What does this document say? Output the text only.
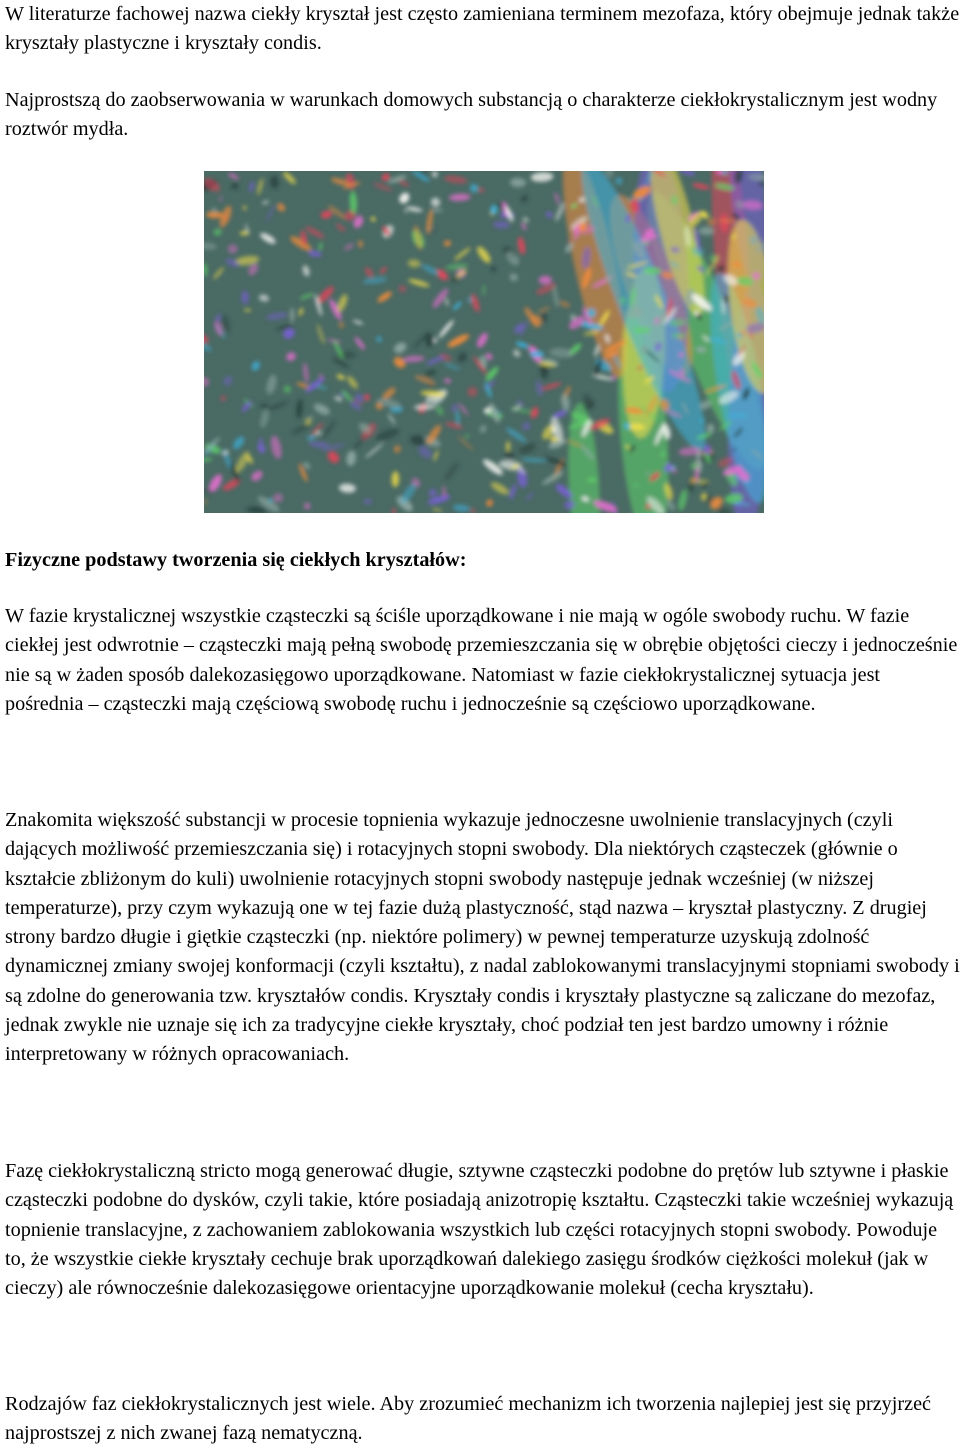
W literaturze fachowej nazwa ciekły kryształ jest często zamieniana terminem mezofaza, który obejmuje jednak także kryształy plastyczne i kryształy condis.

Najprostszą do zaobserwowania w warunkach domowych substancją o charakterze ciekłokrystalicznym jest wodny roztwór mydła.

Fizyczne podstawy tworzenia się ciekłych kryształów:

W fazie krystalicznej wszystkie cząsteczki są ściśle uporządkowane i nie mają w ogóle swobody ruchu. W fazie ciekłej jest odwrotnie – cząsteczki mają pełną swobodę przemieszczania się w obrębie objętości cieczy i jednocześnie nie są w żaden sposób dalekozasięgowo uporządkowane. Natomiast w fazie ciekłokrystalicznej sytuacja jest pośrednia – cząsteczki mają częściową swobodę ruchu i jednocześnie są częściowo uporządkowane.

Znakomita większość substancji w procesie topnienia wykazuje jednoczesne uwolnienie translacyjnych (czyli dających możliwość przemieszczania się) i rotacyjnych stopni swobody. Dla niektórych cząsteczek (głównie o kształcie zbliżonym do kuli) uwolnienie rotacyjnych stopni swobody następuje jednak wcześniej (w niższej temperaturze), przy czym wykazują one w tej fazie dużą plastyczność, stąd nazwa – kryształ plastyczny. Z drugiej strony bardzo długie i giętkie cząsteczki (np. niektóre polimery) w pewnej temperaturze uzyskują zdolność dynamicznej zmiany swojej konformacji (czyli kształtu), z nadal zablokowanymi translacyjnymi stopniami swobody i są zdolne do generowania tzw. kryształów condis. Kryształy condis i kryształy plastyczne są zaliczane do mezofaz, jednak zwykle nie uznaje się ich za tradycyjne ciekłe kryształy, choć podział ten jest bardzo umowny i różnie interpretowany w różnych opracowaniach.

Fazę ciekłokrystaliczną stricto mogą generować długie, sztywne cząsteczki podobne do prętów lub sztywne i płaskie cząsteczki podobne do dysków, czyli takie, które posiadają anizotropię kształtu. Cząsteczki takie wcześniej wykazują topnienie translacyjne, z zachowaniem zablokowania wszystkich lub części rotacyjnych stopni swobody. Powoduje to, że wszystkie ciekłe kryształy cechuje brak uporządkowań dalekiego zasięgu środków ciężkości molekuł (jak w cieczy) ale równocześnie dalekozasięgowe orientacyjne uporządkowanie molekuł (cecha kryształu).

Rodzajów faz ciekłokrystalicznych jest wiele. Aby zrozumieć mechanizm ich tworzenia najlepiej jest się przyjrzeć najprostszej z nich zwanej fazą nematyczną.
